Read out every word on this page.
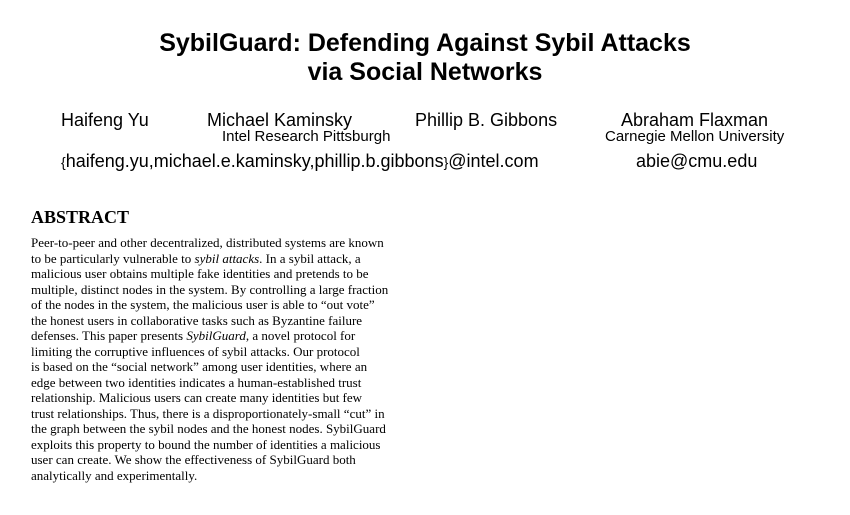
SybilGuard: Defending Against Sybil Attacks
via Social Networks
Haifeng Yu	Michael Kaminsky	Phillip B. Gibbons	Abraham Flaxman
Intel Research Pittsburgh	Carnegie Mellon University
{haifeng.yu,michael.e.kaminsky,phillip.b.gibbons}@intel.com	abie@cmu.edu
ABSTRACT
Peer-to-peer and other decentralized, distributed systems are known
to be particularly vulnerable to sybil attacks. In a sybil attack, a
malicious user obtains multiple fake identities and pretends to be
multiple, distinct nodes in the system. By controlling a large fraction
of the nodes in the system, the malicious user is able to “out vote”
the honest users in collaborative tasks such as Byzantine failure
defenses. This paper presents SybilGuard, a novel protocol for
limiting the corruptive influences of sybil attacks. Our protocol
is based on the “social network” among user identities, where an
edge between two identities indicates a human-established trust
relationship. Malicious users can create many identities but few
trust relationships. Thus, there is a disproportionately-small “cut” in
the graph between the sybil nodes and the honest nodes. SybilGuard
exploits this property to bound the number of identities a malicious
user can create. We show the effectiveness of SybilGuard both
analytically and experimentally.
